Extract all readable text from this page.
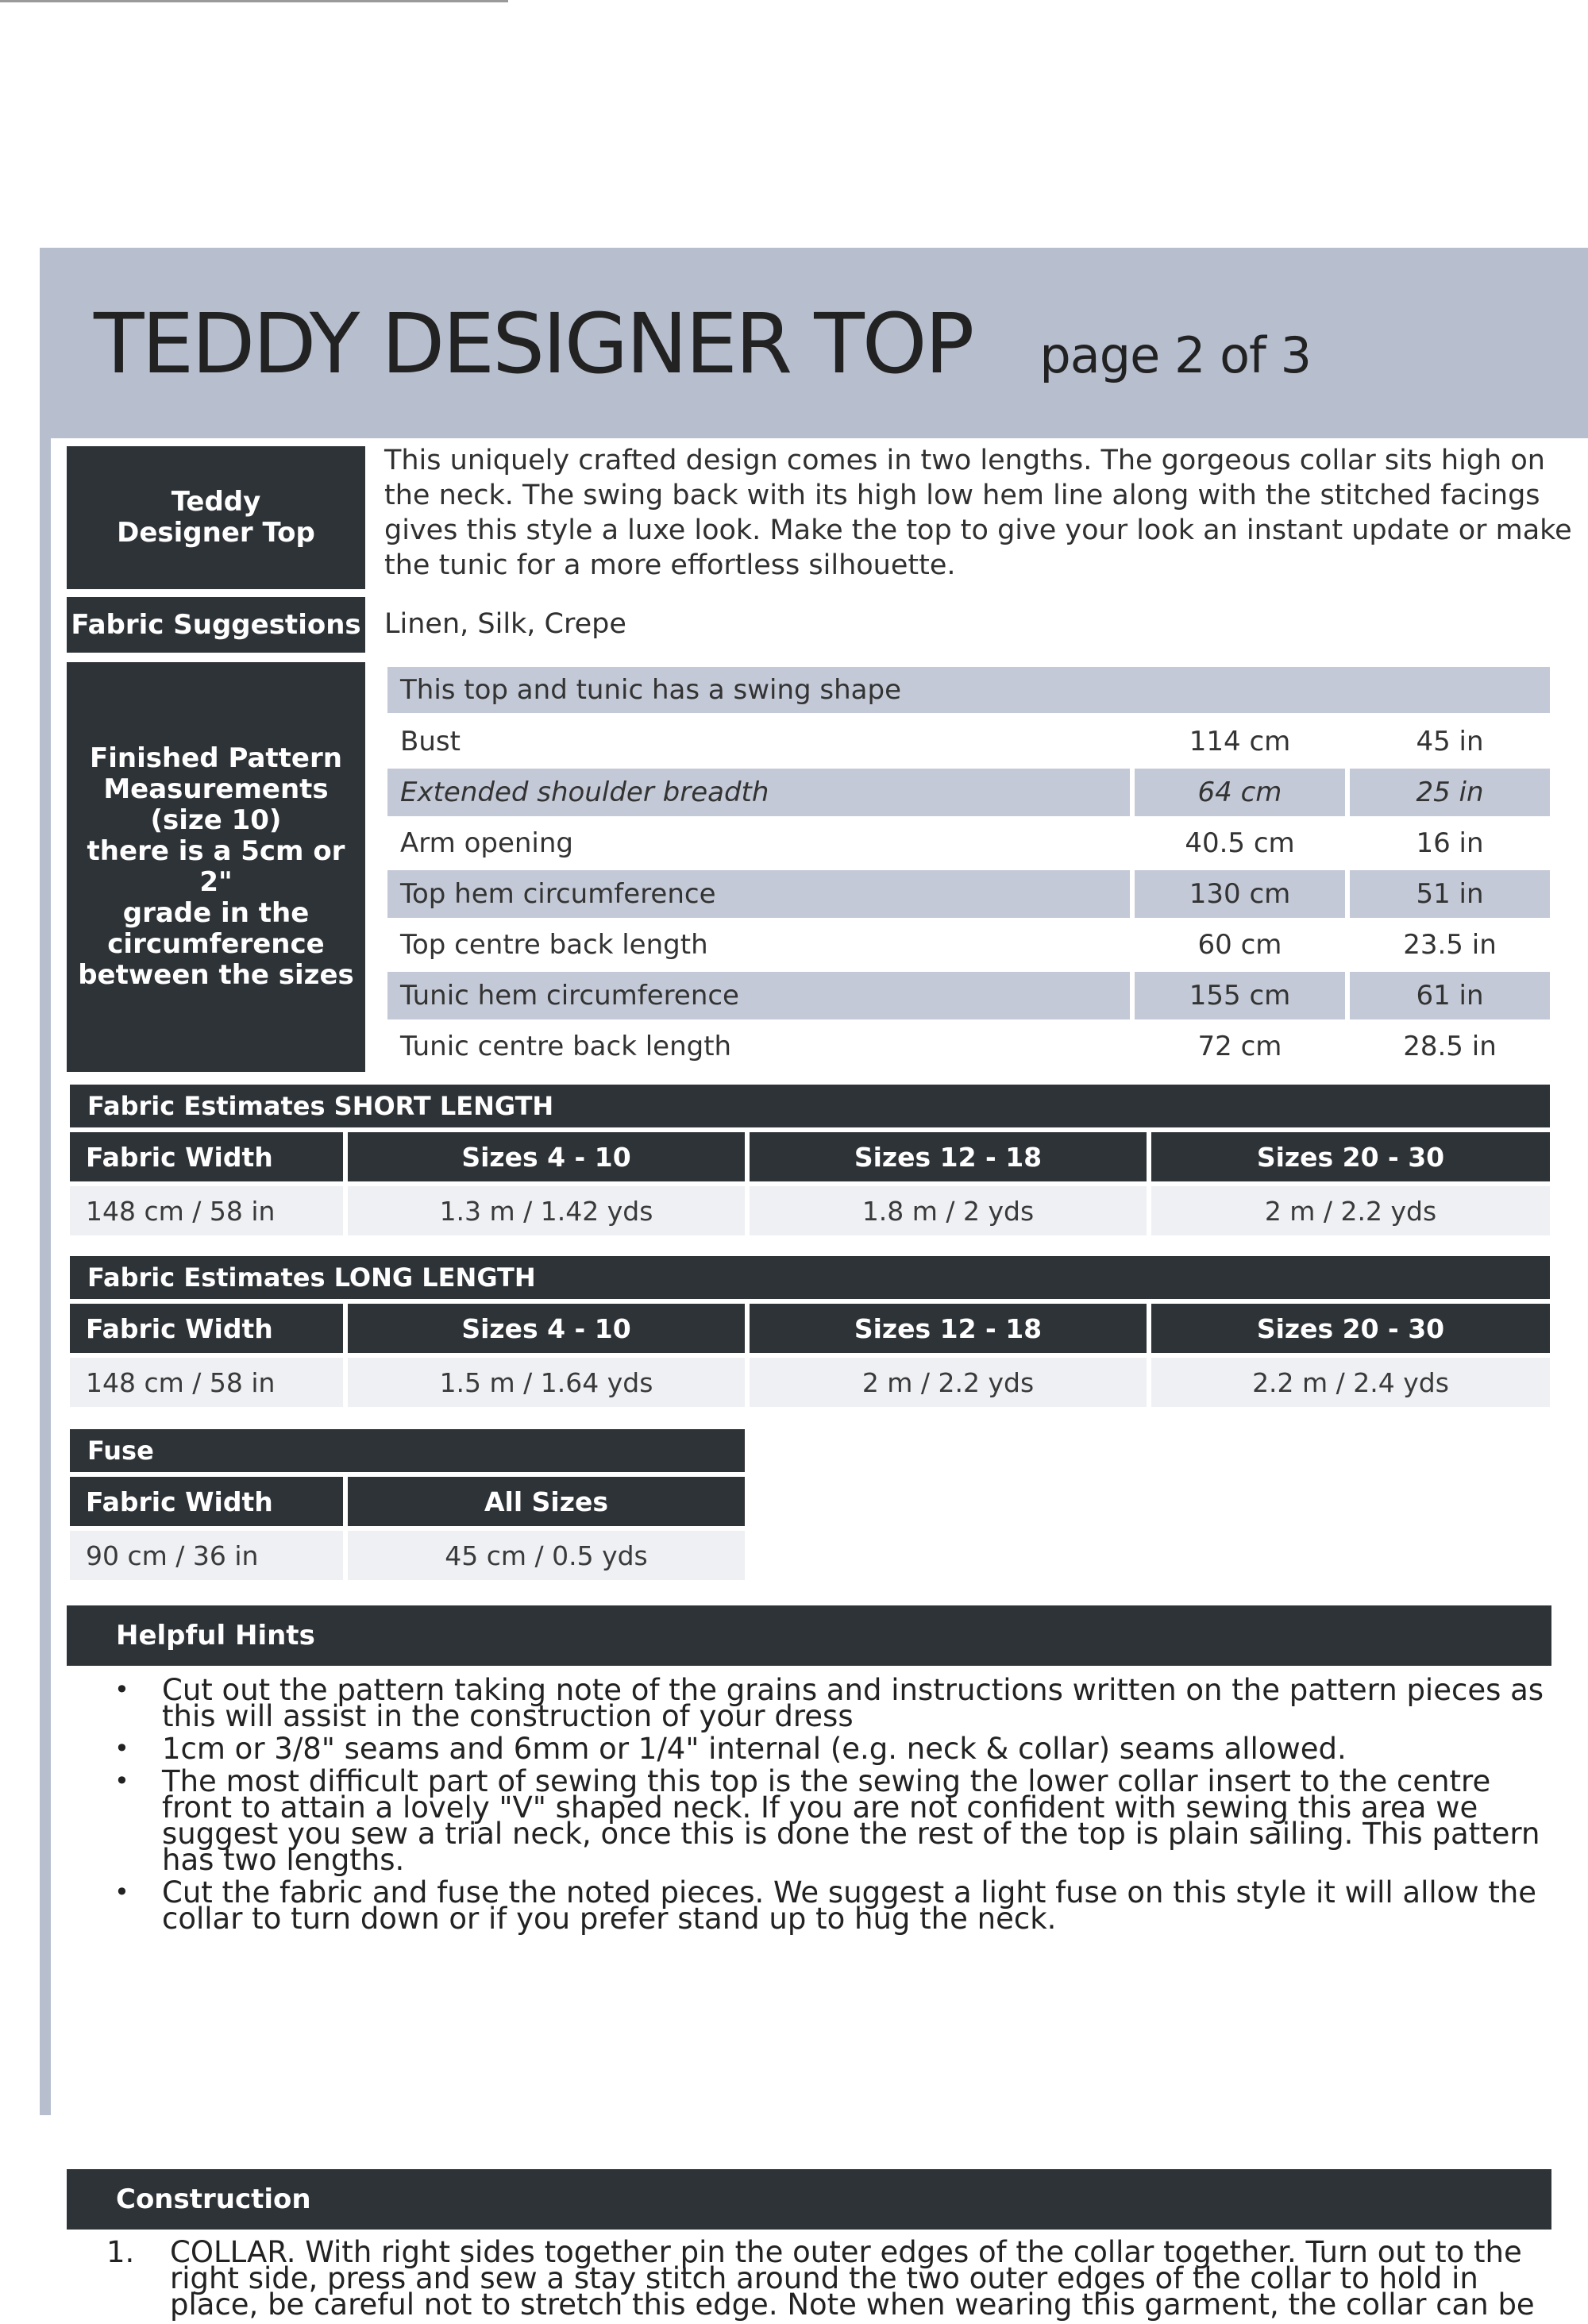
TEDDY DESIGNER TOP page 2 of 3
Teddy
Designer Top
This uniquely crafted design comes in two lengths. The gorgeous collar sits high on the neck. The swing back with its high low hem line along with the stitched facings gives this style a luxe look. Make the top to give your look an instant update or make the tunic for a more effortless silhouette.
Fabric Suggestions Linen, Silk, Crepe
Finished Pattern
Measurements
(size 10)
there is a 5cm or 2"
grade in the
circumference
between the sizes
This top and tunic has a swing shape
Bust	114 cm	45 in
Extended shoulder breadth	64 cm	25 in
Arm opening	40.5 cm	16 in
Top hem circumference	130 cm	51 in
Top centre back length	60 cm	23.5 in
Tunic hem circumference	155 cm	61 in
Tunic centre back length	72 cm	28.5 in
Fabric Estimates SHORT LENGTH
Fabric Width	Sizes 4 - 10	Sizes 12 - 18	Sizes 20 - 30
148 cm / 58 in	1.3 m / 1.42 yds	1.8 m / 2 yds	2 m / 2.2 yds
Fabric Estimates LONG LENGTH
Fabric Width	Sizes 4 - 10	Sizes 12 - 18	Sizes 20 - 30
148 cm / 58 in	1.5 m / 1.64 yds	2 m / 2.2 yds	2.2 m / 2.4 yds
Fuse
Fabric Width	All Sizes
90 cm / 36 in	45 cm / 0.5 yds
Helpful Hints
• Cut out the pattern taking note of the grains and instructions written on the pattern pieces as this will assist in the construction of your dress
• 1cm or 3/8" seams and 6mm or 1/4" internal (e.g. neck & collar) seams allowed.
• The most difficult part of sewing this top is the sewing the lower collar insert to the centre front to attain a lovely "V" shaped neck. If you are not confident with sewing this area we suggest you sew a trial neck, once this is done the rest of the top is plain sailing. This pattern has two lengths.
• Cut the fabric and fuse the noted pieces. We suggest a light fuse on this style it will allow the collar to turn down or if you prefer stand up to hug the neck.
Construction
1. COLLAR. With right sides together pin the outer edges of the collar together. Turn out to the right side, press and sew a stay stitch around the two outer edges of the collar to hold in place, be careful not to stretch this edge. Note when wearing this garment, the collar can be
